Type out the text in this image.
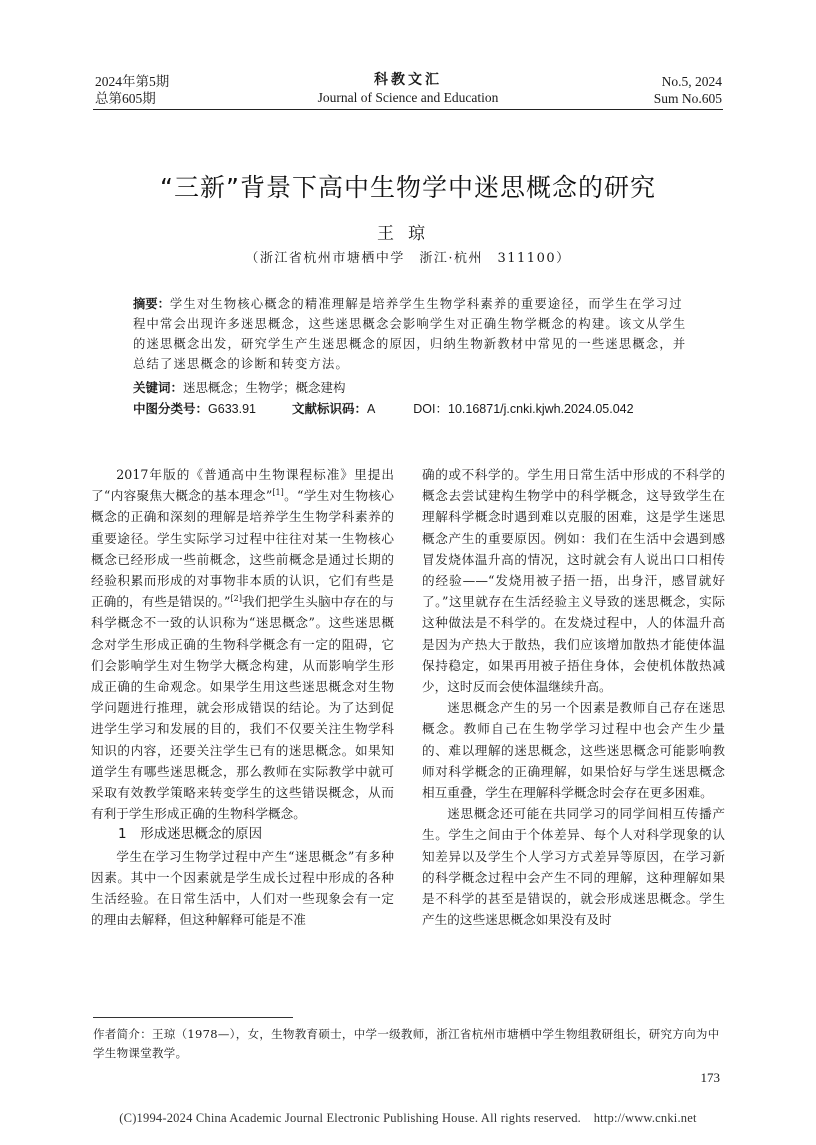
2024年第5期
总第605期
科教文汇
Journal of Science and Education
No.5, 2024
Sum No.605
“三新”背景下高中生物学中迷思概念的研究
王琼
（浙江省杭州市塘栖中学　浙江·杭州　311100）
摘要：学生对生物核心概念的精准理解是培养学生生物学科素养的重要途径，而学生在学习过程中常会出现许多迷思概念，这些迷思概念会影响学生对正确生物学概念的构建。该文从学生的迷思概念出发，研究学生产生迷思概念的原因，归纳生物新教材中常见的一些迷思概念，并总结了迷思概念的诊断和转变方法。
关键词：迷思概念；生物学；概念建构
中图分类号：G633.91	文献标识码：A	DOI：10.16871/j.cnki.kjwh.2024.05.042

2017年版的《普通高中生物课程标准》里提出了“内容聚焦大概念的基本理念”[1]。“学生对生物核心概念的正确和深刻的理解是培养学生生物学科素养的重要途径。学生实际学习过程中往往对某一生物核心概念已经形成一些前概念，这些前概念是通过长期的经验积累而形成的对事物非本质的认识，它们有些是正确的，有些是错误的。”[2]我们把学生头脑中存在的与科学概念不一致的认识称为“迷思概念”。这些迷思概念对学生形成正确的生物科学概念有一定的阻碍，它们会影响学生对生物学大概念构建，从而影响学生形成正确的生命观念。如果学生用这些迷思概念对生物学问题进行推理，就会形成错误的结论。为了达到促进学生学习和发展的目的，我们不仅要关注生物学科知识的内容，还要关注学生已有的迷思概念。如果知道学生有哪些迷思概念，那么教师在实际教学中就可采取有效教学策略来转变学生的这些错误概念，从而有利于学生形成正确的生物科学概念。

1　形成迷思概念的原因

学生在学习生物学过程中产生“迷思概念”有多种因素。其中一个因素就是学生成长过程中形成的各种生活经验。在日常生活中，人们对一些现象会有一定的理由去解释，但这种解释可能是不准

确的或不科学的。学生用日常生活中形成的不科学的概念去尝试建构生物学中的科学概念，这导致学生在理解科学概念时遇到难以克服的困难，这是学生迷思概念产生的重要原因。例如：我们在生活中会遇到感冒发烧体温升高的情况，这时就会有人说出口口相传的经验——“发烧用被子捂一捂，出身汗，感冒就好了。”这里就存在生活经验主义导致的迷思概念，实际这种做法是不科学的。在发烧过程中，人的体温升高是因为产热大于散热，我们应该增加散热才能使体温保持稳定，如果再用被子捂住身体，会使机体散热减少，这时反而会使体温继续升高。

迷思概念产生的另一个因素是教师自己存在迷思概念。教师自己在生物学学习过程中也会产生少量的、难以理解的迷思概念，这些迷思概念可能影响教师对科学概念的正确理解，如果恰好与学生迷思概念相互重叠，学生在理解科学概念时会存在更多困难。

迷思概念还可能在共同学习的同学间相互传播产生。学生之间由于个体差异、每个人对科学现象的认知差异以及学生个人学习方式差异等原因，在学习新的科学概念过程中会产生不同的理解，这种理解如果是不科学的甚至是错误的，就会形成迷思概念。学生产生的这些迷思概念如果没有及时

作者简介：王琼（1978—），女，生物教育硕士，中学一级教师，浙江省杭州市塘栖中学生物组教研组长，研究方向为中学生物课堂教学。
173
(C)1994-2024 China Academic Journal Electronic Publishing House. All rights reserved.　http://www.cnki.net
